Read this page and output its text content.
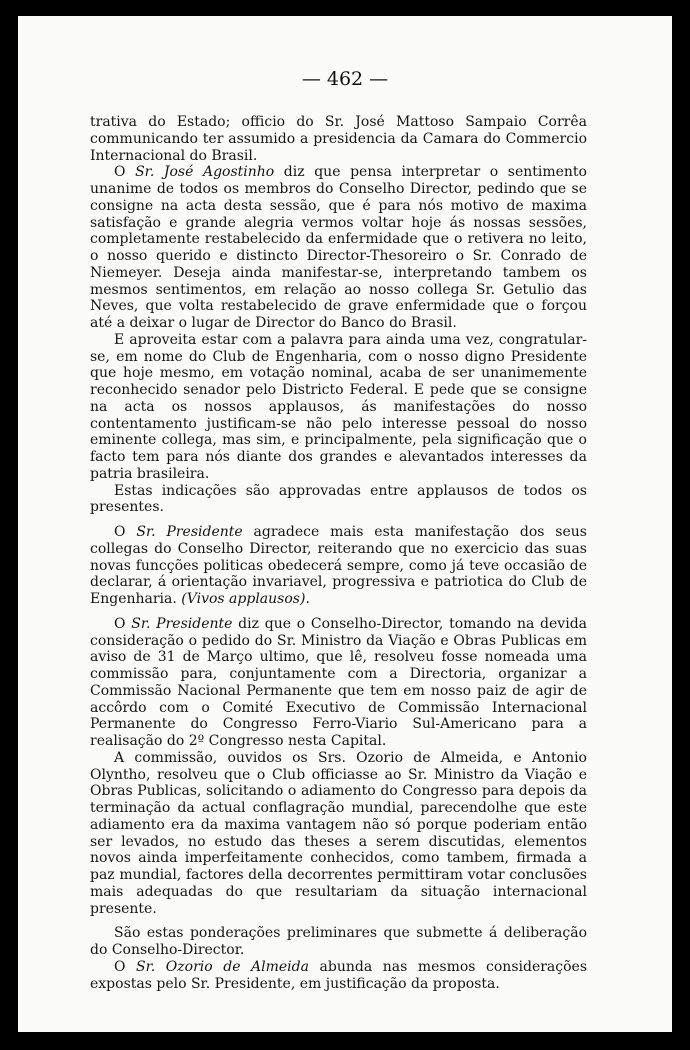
— 462 —

trativa do Estado; officio do Sr. José Mattoso Sampaio Corrêa communicando ter assumido a presidencia da Camara do Commercio Internacional do Brasil.

O Sr. José Agostinho diz que pensa interpretar o sentimento unanime de todos os membros do Conselho Director, pedindo que se consigne na acta desta sessão, que é para nós motivo de maxima satisfação e grande alegria vermos voltar hoje ás nossas sessões, completamente restabelecido da enfermidade que o retivera no leito, o nosso querido e distincto Director-Thesoreiro o Sr. Conrado de Niemeyer. Deseja ainda manifestar-se, interpretando tambem os mesmos sentimentos, em relação ao nosso collega Sr. Getulio das Neves, que volta restabelecido de grave enfermidade que o forçou até a deixar o lugar de Director do Banco do Brasil.

E aproveita estar com a palavra para ainda uma vez, congratular-se, em nome do Club de Engenharia, com o nosso digno Presidente que hoje mesmo, em votação nominal, acaba de ser unanimemente reconhecido senador pelo Districto Federal. E pede que se consigne na acta os nossos applausos, ás manifestações do nosso contentamento justificam-se não pelo interesse pessoal do nosso eminente collega, mas sim, e principalmente, pela significação que o facto tem para nós diante dos grandes e alevantados interesses da patria brasileira.

Estas indicações são approvadas entre applausos de todos os presentes.

O Sr. Presidente agradece mais esta manifestação dos seus collegas do Conselho Director, reiterando que no exercicio das suas novas funcções politicas obedecerá sempre, como já teve occasião de declarar, á orientação invariavel, progressiva e patriotica do Club de Engenharia. (Vivos applausos).

O Sr. Presidente diz que o Conselho-Director, tomando na devida consideração o pedido do Sr. Ministro da Viação e Obras Publicas em aviso de 31 de Março ultimo, que lê, resolveu fosse nomeada uma commissão para, conjuntamente com a Directoria, organizar a Commissão Nacional Permanente que tem em nosso paiz de agir de accôrdo com o Comité Executivo de Commissão Internacional Permanente do Congresso Ferro-Viario Sul-Americano para a realisação do 2º Congresso nesta Capital.

A commissão, ouvidos os Srs. Ozorio de Almeida, e Antonio Olyntho, resolveu que o Club officiasse ao Sr. Ministro da Viação e Obras Publicas, solicitando o adiamento do Congresso para depois da terminação da actual conflagração mundial, parecendolhe que este adiamento era da maxima vantagem não só porque poderiam então ser levados, no estudo das theses a serem discutidas, elementos novos ainda imperfeitamente conhecidos, como tambem, firmada a paz mundial, factores della decorrentes permittiram votar conclusões mais adequadas do que resultariam da situação internacional presente.

São estas ponderações preliminares que submette á deliberação do Conselho-Director.

O Sr. Ozorio de Almeida abunda nas mesmos considerações expostas pelo Sr. Presidente, em justificação da proposta.
